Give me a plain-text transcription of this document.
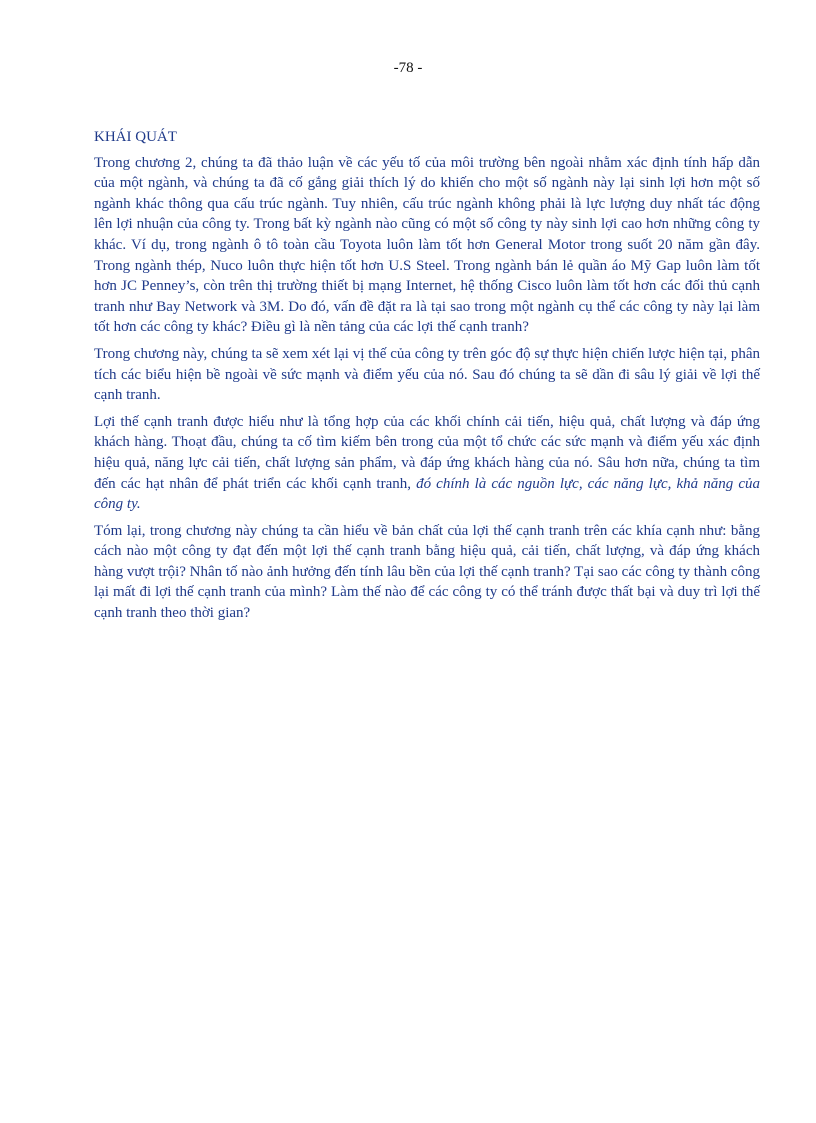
-78 -
KHÁI QUÁT

Trong chương 2, chúng ta đã thảo luận về các yếu tố của môi trường bên ngoài nhằm xác định tính hấp dẫn của một ngành, và chúng ta đã cố gắng giải thích lý do khiến cho một số ngành này lại sinh lợi hơn một số ngành khác thông qua cấu trúc ngành. Tuy nhiên, cấu trúc ngành không phải là lực lượng duy nhất tác động lên lợi nhuận của công ty. Trong bất kỳ ngành nào cũng có một số công ty này sinh lợi cao hơn những công ty khác. Ví dụ, trong ngành ô tô toàn cầu Toyota luôn làm tốt hơn General Motor trong suốt 20 năm gần đây. Trong ngành thép, Nuco luôn thực hiện tốt hơn U.S Steel. Trong ngành bán lẻ quần áo Mỹ Gap luôn làm tốt hơn JC Penney’s, còn trên thị trường thiết bị mạng Internet, hệ thống Cisco luôn làm tốt hơn các đối thủ cạnh tranh như Bay Network và 3M. Do đó, vấn đề đặt ra là tại sao trong một ngành cụ thể các công ty này lại làm tốt hơn các công ty khác? Điều gì là nền tảng của các lợi thế cạnh tranh?

Trong chương này, chúng ta sẽ xem xét lại vị thế của công ty trên góc độ sự thực hiện chiến lược hiện tại, phân tích các biểu hiện bề ngoài về sức mạnh và điểm yếu của nó. Sau đó chúng ta sẽ dần đi sâu lý giải về lợi thế cạnh tranh.

Lợi thế cạnh tranh được hiểu như là tổng hợp của các khối chính cải tiến, hiệu quả, chất lượng và đáp ứng khách hàng. Thoạt đầu, chúng ta cố tìm kiếm bên trong của một tổ chức các sức mạnh và điểm yếu xác định hiệu quả, năng lực cải tiến, chất lượng sản phẩm, và đáp ứng khách hàng của nó. Sâu hơn nữa, chúng ta tìm đến các hạt nhân để phát triển các khối cạnh tranh, đó chính là các nguồn lực, các năng lực, khả năng của công ty.

Tóm lại, trong chương này chúng ta cần hiểu về bản chất của lợi thế cạnh tranh trên các khía cạnh như: bằng cách nào một công ty đạt đến một lợi thế cạnh tranh bằng hiệu quả, cải tiến, chất lượng, và đáp ứng khách hàng vượt trội? Nhân tố nào ảnh hưởng đến tính lâu bền của lợi thế cạnh tranh? Tại sao các công ty thành công lại mất đi lợi thế cạnh tranh của mình? Làm thế nào để các công ty có thể tránh được thất bại và duy trì lợi thế cạnh tranh theo thời gian?
